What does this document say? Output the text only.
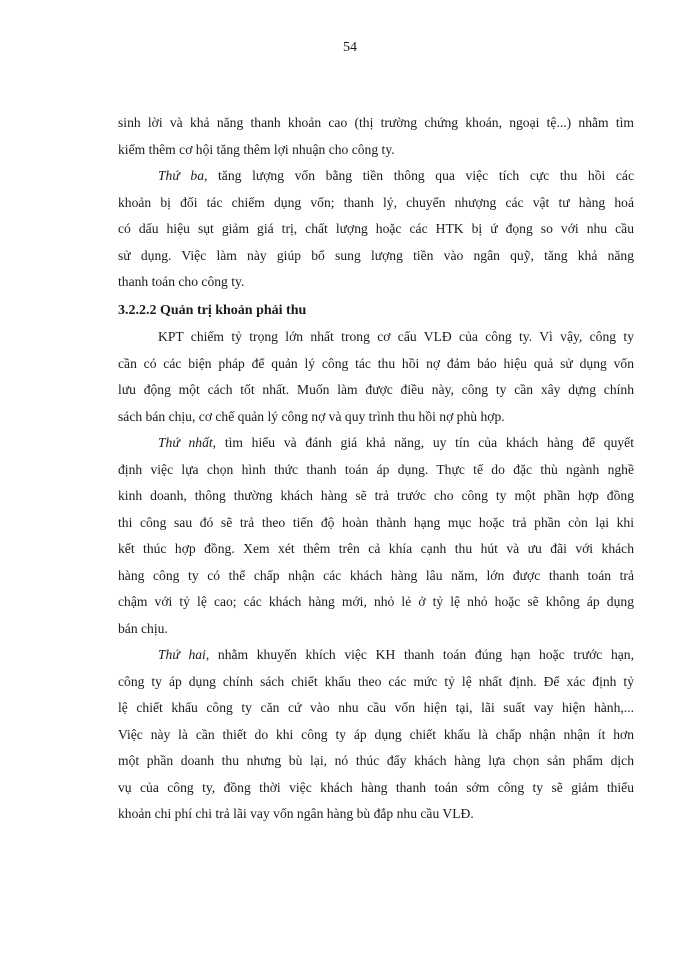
54
sinh lời và khả năng thanh khoản cao (thị trường chứng khoán, ngoại tệ...) nhằm tìm
kiếm thêm cơ hội tăng thêm lợi nhuận cho công ty.
Thứ ba, tăng lượng vốn bằng tiền thông qua việc tích cực thu hồi các
khoản bị đối tác chiếm dụng vốn; thanh lý, chuyển nhượng các vật tư hàng hoá
có dấu hiệu sụt giảm giá trị, chất lượng hoặc các HTK bị ứ đọng so với nhu cầu
sử dụng. Việc làm này giúp bổ sung lượng tiền vào ngân quỹ, tăng khả năng
thanh toán cho công ty.
3.2.2.2 Quản trị khoản phải thu
KPT chiếm tỷ trọng lớn nhất trong cơ cấu VLĐ của công ty. Vì vậy, công ty
cần có các biện pháp để quản lý công tác thu hồi nợ đảm bảo hiệu quả sử dụng vốn
lưu động một cách tốt nhất. Muốn làm được điều này, công ty cần xây dựng chính
sách bán chịu, cơ chế quản lý công nợ và quy trình thu hồi nợ phù hợp.
Thứ nhất, tìm hiểu và đánh giá khả năng, uy tín của khách hàng để quyết
định việc lựa chọn hình thức thanh toán áp dụng. Thực tế do đặc thù ngành nghề
kinh doanh, thông thường khách hàng sẽ trả trước cho công ty một phần hợp đồng
thi công sau đó sẽ trả theo tiến độ hoàn thành hạng mục hoặc trả phần còn lại khi
kết thúc hợp đồng. Xem xét thêm trên cả khía cạnh thu hút và ưu đãi với khách
hàng công ty có thể chấp nhận các khách hàng lâu năm, lớn được thanh toán trả
chậm với tỷ lệ cao; các khách hàng mới, nhỏ lẻ ở tỷ lệ nhỏ hoặc sẽ không áp dụng
bán chịu.
Thứ hai, nhằm khuyến khích việc KH thanh toán đúng hạn hoặc trước hạn,
công ty áp dụng chính sách chiết khấu theo các mức tỷ lệ nhất định. Để xác định tỷ
lệ chiết khấu công ty căn cứ vào nhu cầu vốn hiện tại, lãi suất vay hiện hành,...
Việc này là cần thiết do khi công ty áp dụng chiết khấu là chấp nhận nhận ít hơn
một phần doanh thu nhưng bù lại, nó thúc đẩy khách hàng lựa chọn sản phẩm dịch
vụ của công ty, đồng thời việc khách hàng thanh toán sớm công ty sẽ giảm thiểu
khoản chi phí chi trả lãi vay vốn ngân hàng bù đắp nhu cầu VLĐ.
